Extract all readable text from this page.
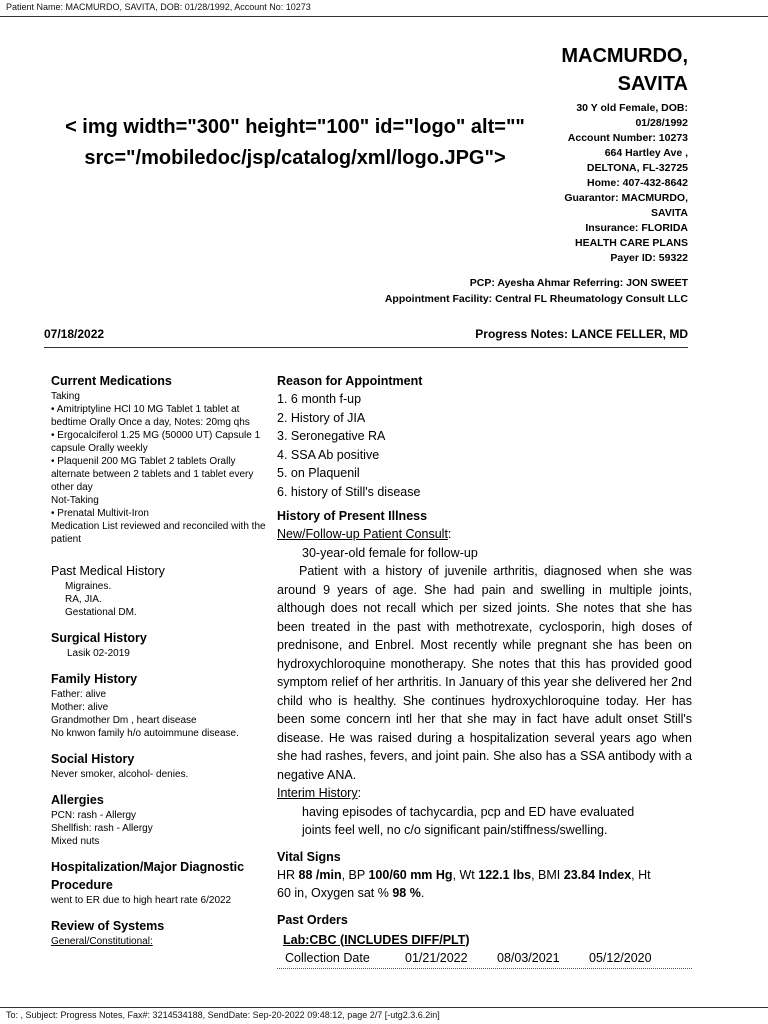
Patient Name: MACMURDO, SAVITA, DOB: 01/28/1992, Account No: 10273
< img width="300" height="100" id="logo" alt="" src="/mobiledoc/jsp/catalog/xml/logo.JPG">
MACMURDO,
SAVITA
30 Y old Female, DOB:
01/28/1992
Account Number: 10273
664 Hartley Ave ,
DELTONA, FL-32725
Home: 407-432-8642
Guarantor: MACMURDO,
SAVITA
Insurance: FLORIDA
HEALTH CARE PLANS
Payer ID: 59322
PCP: Ayesha Ahmar Referring: JON SWEET
Appointment Facility: Central FL Rheumatology Consult LLC
07/18/2022	Progress Notes: LANCE FELLER, MD
Current Medications
Taking
• Amitriptyline HCl 10 MG Tablet 1 tablet at bedtime Orally Once a day, Notes: 20mg qhs
• Ergocalciferol 1.25 MG (50000 UT) Capsule 1 capsule Orally weekly
• Plaquenil 200 MG Tablet 2 tablets Orally alternate between 2 tablets and 1 tablet every other day
Not-Taking
• Prenatal Multivit-Iron
Medication List reviewed and reconciled with the patient
Past Medical History
Migraines.
RA, JIA.
Gestational DM.
Surgical History
Lasik 02-2019
Family History
Father: alive
Mother: alive
Grandmother Dm , heart disease
No knwon family h/o autoimmune disease.
Social History
Never smoker, alcohol- denies.
Allergies
PCN: rash - Allergy
Shellfish: rash - Allergy
Mixed nuts
Hospitalization/Major Diagnostic Procedure
went to ER due to high heart rate 6/2022
Review of Systems
General/Constitutional:
Reason for Appointment
1. 6 month f-up
2. History of JIA
3. Seronegative RA
4. SSA Ab positive
5. on Plaquenil
6. history of Still's disease
History of Present Illness
New/Follow-up Patient Consult:
30-year-old female for follow-up
Patient with a history of juvenile arthritis, diagnosed when she was around 9 years of age. She had pain and swelling in multiple joints, although does not recall which per sized joints. She notes that she has been treated in the past with methotrexate, cyclosporin, high doses of prednisone, and Enbrel. Most recently while pregnant she has been on hydroxychloroquine monotherapy. She notes that this has provided good symptom relief of her arthritis. In January of this year she delivered her 2nd child who is healthy. She continues hydroxychloroquine today. Her has been some concern intl her that she may in fact have adult onset Still's disease. He was raised during a hospitalization several years ago when she had rashes, fevers, and joint pain. She also has a SSA antibody with a negative ANA.
Interim History:
having episodes of tachycardia, pcp and ED have evaluated
joints feel well, no c/o significant pain/stiffness/swelling.
Vital Signs
HR 88 /min, BP 100/60 mm Hg, Wt 122.1 lbs, BMI 23.84 Index, Ht
60 in, Oxygen sat % 98 %.
Past Orders
Lab:CBC (INCLUDES DIFF/PLT)
Collection Date	01/21/2022	08/03/2021	05/12/2020
To: , Subject: Progress Notes, Fax#: 3214534188, SendDate: Sep-20-2022 09:48:12, page 2/7 [-utg2.3.6.2in]
